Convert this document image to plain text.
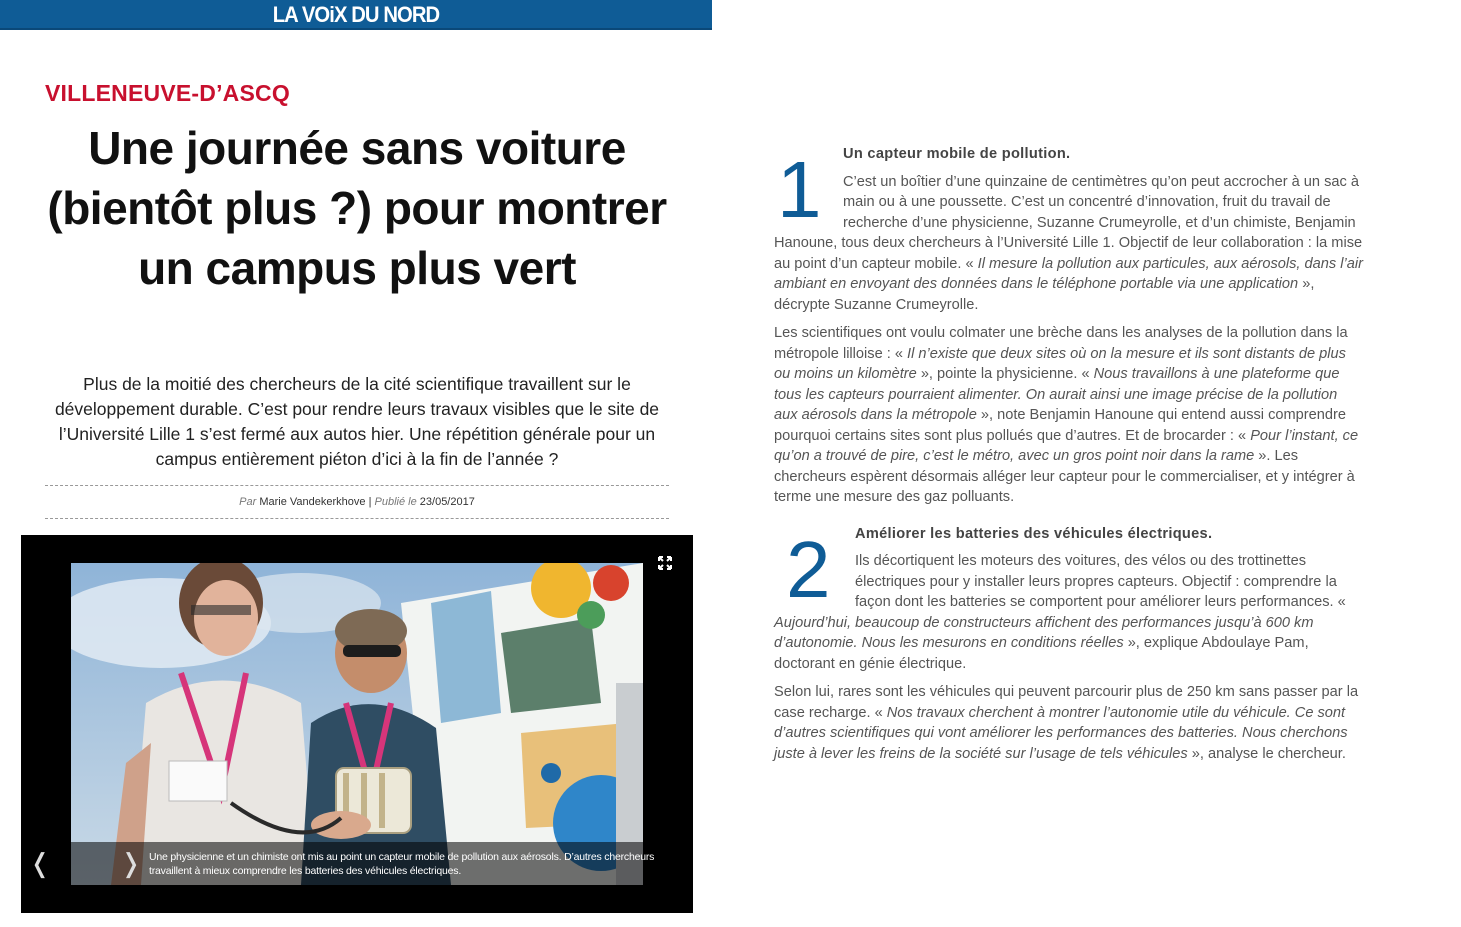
LA VOiX DU NORD
VILLENEUVE-D’ASCQ
Une journée sans voiture (bientôt plus ?) pour montrer un campus plus vert

Plus de la moitié des chercheurs de la cité scientifique travaillent sur le développement durable. C’est pour rendre leurs travaux visibles que le site de l’Université Lille 1 s’est fermé aux autos hier. Une répétition générale pour un campus entièrement piéton d’ici à la fin de l’année ?

Par Marie Vandekerkhove | Publié le 23/05/2017
❬	❭ Une physicienne et un chimiste ont mis au point un capteur mobile de pollution aux aérosols. D’autres chercheurs travaillent à mieux comprendre les batteries des véhicules électriques.
1	Un capteur mobile de pollution.

C’est un boîtier d’une quinzaine de centimètres qu’on peut accrocher à un sac à main ou à une poussette. C’est un concentré d’innovation, fruit du travail de recherche d’une physicienne, Suzanne Crumeyrolle, et d’un chimiste, Benjamin Hanoune, tous deux chercheurs à l’Université Lille 1. Objectif de leur collaboration : la mise au point d’un capteur mobile. « Il mesure la pollution aux particules, aux aérosols, dans l’air ambiant en envoyant des données dans le téléphone portable via une application », décrypte Suzanne Crumeyrolle.

Les scientifiques ont voulu colmater une brèche dans les analyses de la pollution dans la métropole lilloise : « Il n’existe que deux sites où on la mesure et ils sont distants de plus ou moins un kilomètre », pointe la physicienne. « Nous travaillons à une plateforme que tous les capteurs pourraient alimenter. On aurait ainsi une image précise de la pollution aux aérosols dans la métropole », note Benjamin Hanoune qui entend aussi comprendre pourquoi certains sites sont plus pollués que d’autres. Et de brocarder : « Pour l’instant, ce qu’on a trouvé de pire, c’est le métro, avec un gros point noir dans la rame ». Les chercheurs espèrent désormais alléger leur capteur pour le commercialiser, et y intégrer à terme une mesure des gaz polluants.

2	Améliorer les batteries des véhicules électriques.

Ils décortiquent les moteurs des voitures, des vélos ou des trottinettes électriques pour y installer leurs propres capteurs. Objectif : comprendre la façon dont les batteries se comportent pour améliorer leurs performances. « Aujourd’hui, beaucoup de constructeurs affichent des performances jusqu’à 600 km d’autonomie. Nous les mesurons en conditions réelles », explique Abdoulaye Pam, doctorant en génie électrique.

Selon lui, rares sont les véhicules qui peuvent parcourir plus de 250 km sans passer par la case recharge. « Nos travaux cherchent à montrer l’autonomie utile du véhicule. Ce sont d’autres scientifiques qui vont améliorer les performances des batteries. Nous cherchons juste à lever les freins de la société sur l’usage de tels véhicules », analyse le chercheur.
